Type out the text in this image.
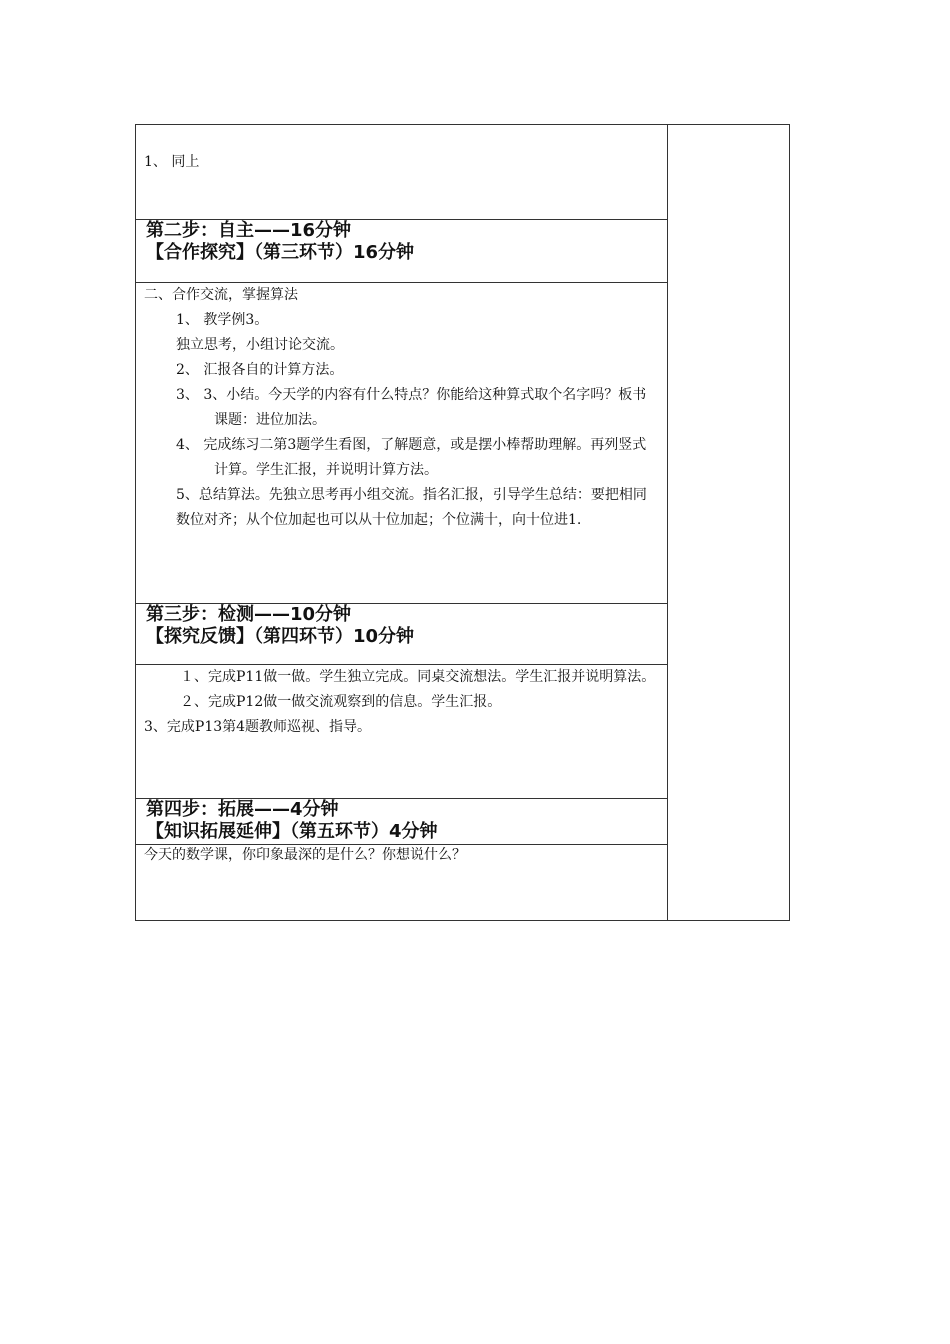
1、 同上

第二步：自主——16分钟
【合作探究】（第三环节）16分钟

二、合作交流，掌握算法

1、 教学例3。

独立思考，小组讨论交流。

2、 汇报各自的计算方法。

3、 3、小结。今天学的内容有什么特点？你能给这种算式取个名字吗？板书课题：进位加法。

4、 完成练习二第3题学生看图，了解题意，或是摆小棒帮助理解。再列竖式计算。学生汇报，并说明计算方法。

5、总结算法。先独立思考再小组交流。指名汇报，引导学生总结：要把相同数位对齐；从个位加起也可以从十位加起；个位满十，向十位进1.

第三步：检测——10分钟
【探究反馈】（第四环节）10分钟

１、完成P11做一做。学生独立完成。同桌交流想法。学生汇报并说明算法。

２、完成P12做一做交流观察到的信息。学生汇报。

3、完成P13第4题教师巡视、指导。

第四步：拓展——4分钟
【知识拓展延伸】（第五环节）4分钟

今天的数学课，你印象最深的是什么？你想说什么？
